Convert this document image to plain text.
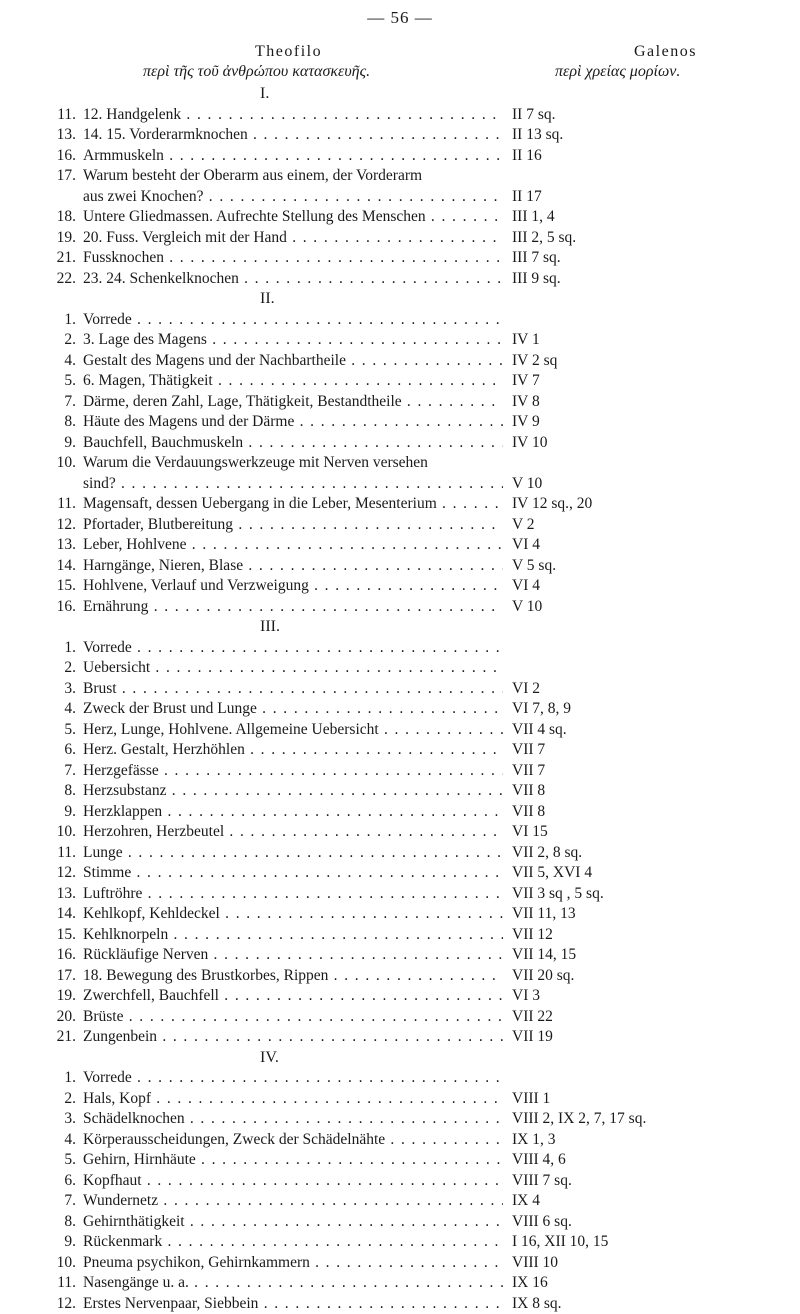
— 56 —
Theofilo	Galenos
περὶ τῆς τοῦ ἀνθρώπου κατασκευῆς.	περὶ χρείας μορίων.
I.
11. 12. Handgelenk . . .	II 7 sq.
13. 14. 15. Vorderarmknochen . . .	II 13 sq.
16. Armmuskeln . . .	II 16
17. Warum besteht der Oberarm aus einem, der Vorderarm
aus zwei Knochen? . . .	II 17
18. Untere Gliedmassen. Aufrechte Stellung des Menschen . . .	III 1, 4
19. 20. Fuss. Vergleich mit der Hand . . .	III 2, 5 sq.
21. Fussknochen . . .	III 7 sq.
22. 23. 24. Schenkelknochen . . .	III 9 sq.
II.
1. Vorrede . . .
2. 3. Lage des Magens . . .	IV 1
4. Gestalt des Magens und der Nachbartheile . . .	IV 2 sq
5. 6. Magen, Thätigkeit . . .	IV 7
7. Därme, deren Zahl, Lage, Thätigkeit, Bestandtheile . . .	IV 8
8. Häute des Magens und der Därme . . .	IV 9
9. Bauchfell, Bauchmuskeln . . .	IV 10
10. Warum die Verdauungswerkzeuge mit Nerven versehen
sind? . . .	V 10
11. Magensaft, dessen Uebergang in die Leber, Mesenterium . . .	IV 12 sq., 20
12. Pfortader, Blutbereitung . . .	V 2
13. Leber, Hohlvene . . .	VI 4
14. Harngänge, Nieren, Blase . . .	V 5 sq.
15. Hohlvene, Verlauf und Verzweigung . . .	VI 4
16. Ernährung . . .	V 10
III.
1. Vorrede . . .
2. Uebersicht . . .
3. Brust . . .	VI 2
4. Zweck der Brust und Lunge . . .	VI 7, 8, 9
5. Herz, Lunge, Hohlvene. Allgemeine Uebersicht . . .	VII 4 sq.
6. Herz. Gestalt, Herzhöhlen . . .	VII 7
7. Herzgefässe . . .	VII 7
8. Herzsubstanz . . .	VII 8
9. Herzklappen . . .	VII 8
10. Herzohren, Herzbeutel . . .	VI 15
11. Lunge . . .	VII 2, 8 sq.
12. Stimme . . .	VII 5, XVI 4
13. Luftröhre . . .	VII 3 sq , 5 sq.
14. Kehlkopf, Kehldeckel . . .	VII 11, 13
15. Kehlknorpeln . . .	VII 12
16. Rückläufige Nerven . . .	VII 14, 15
17. 18. Bewegung des Brustkorbes, Rippen . . .	VII 20 sq.
19. Zwerchfell, Bauchfell . . .	VI 3
20. Brüste . . .	VII 22
21. Zungenbein . . .	VII 19
IV.
1. Vorrede . . .
2. Hals, Kopf . . .	VIII 1
3. Schädelknochen . . .	VIII 2, IX 2, 7, 17 sq.
4. Körperausscheidungen, Zweck der Schädelnähte . . .	IX 1, 3
5. Gehirn, Hirnhäute . . .	VIII 4, 6
6. Kopfhaut . . .	VIII 7 sq.
7. Wundernetz . . .	IX 4
8. Gehirnthätigkeit . . .	VIII 6 sq.
9. Rückenmark . . .	I 16, XII 10, 15
10. Pneuma psychikon, Gehirnkammern . . .	VIII 10
11. Nasengänge u. a. . . .	IX 16
12. Erstes Nervenpaar, Siebbein . . .	IX 8 sq.
